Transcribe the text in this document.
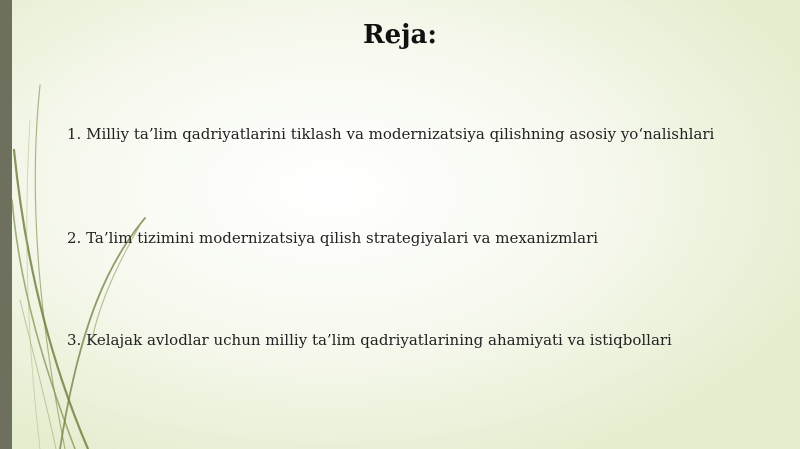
Reja:
1. Milliy ta’lim qadriyatlarini tiklash va modernizatsiya qilishning asosiy yo‘nalishlari
2. Ta’lim tizimini modernizatsiya qilish strategiyalari va mexanizmlari
3. Kelajak avlodlar uchun milliy ta’lim qadriyatlarining ahamiyati va istiqbollari
